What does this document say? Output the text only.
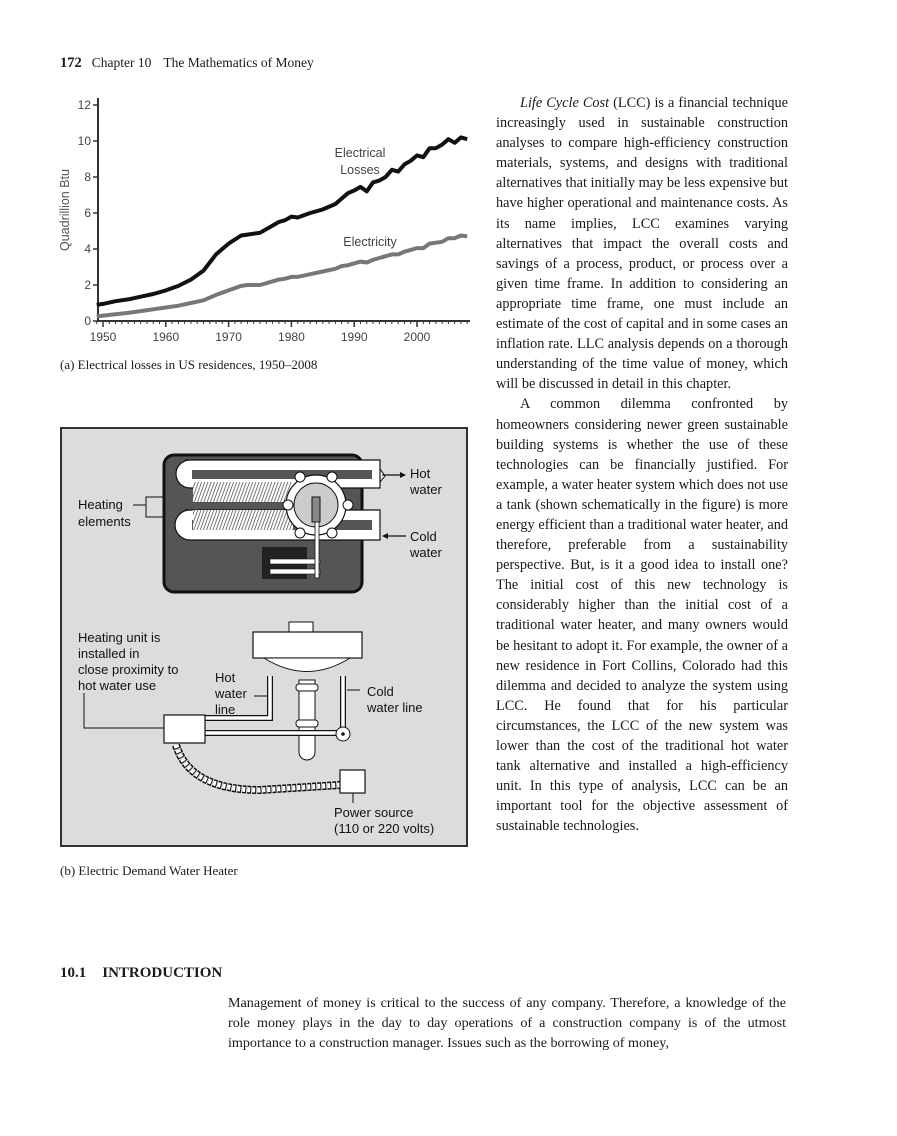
172 Chapter 10 The Mathematics of Money
0
2
4
6
8
10
12
1950	1960	1970	1980	1990	2000
Quadrillion Btu
Electrical
Losses
Electricity
(a) Electrical losses in US residences, 1950–2008
Hot
water
Cold
water
Heating
elements
Heating unit is
installed in
close proximity to
hot water use
Hot
water
line
Cold
water line
Power source
(110 or 220 volts)
(b) Electric Demand Water Heater

Life Cycle Cost (LCC) is a financial technique increasingly used in sustainable construction analyses to compare high-efficiency construction materials, systems, and designs with traditional alternatives that initially may be less expensive but have higher operational and maintenance costs. As its name implies, LCC examines varying alternatives that impact the overall costs and savings of a process, product, or process over a given time frame. In addition to considering an appropriate time frame, one must include an estimate of the cost of capital and in some cases an inflation rate. LLC analysis depends on a thorough understanding of the time value of money, which will be discussed in detail in this chapter.

A common dilemma confronted by homeowners considering newer green sustainable building systems is whether the use of these technologies can be financially justified. For example, a water heater system which does not use a tank (shown schematically in the figure) is more energy efficient than a traditional water heater, and therefore, preferable from a sustainability perspective. But, is it a good idea to install one? The initial cost of this new technology is considerably higher than the initial cost of a traditional water heater, and many owners would be hesitant to adopt it. For example, the owner of a new residence in Fort Collins, Colorado had this dilemma and decided to analyze the system using LCC. He found that for his particular circumstances, the LCC of the new system was lower than the cost of the traditional hot water tank alternative and installed a high-efficiency unit. In this type of analysis, LCC can be an important tool for the objective assessment of sustainable technologies.

10.1 INTRODUCTION

Management of money is critical to the success of any company. Therefore, a knowledge of the role money plays in the day to day operations of a construction company is of the utmost importance to a construction manager. Issues such as the borrowing of money,
